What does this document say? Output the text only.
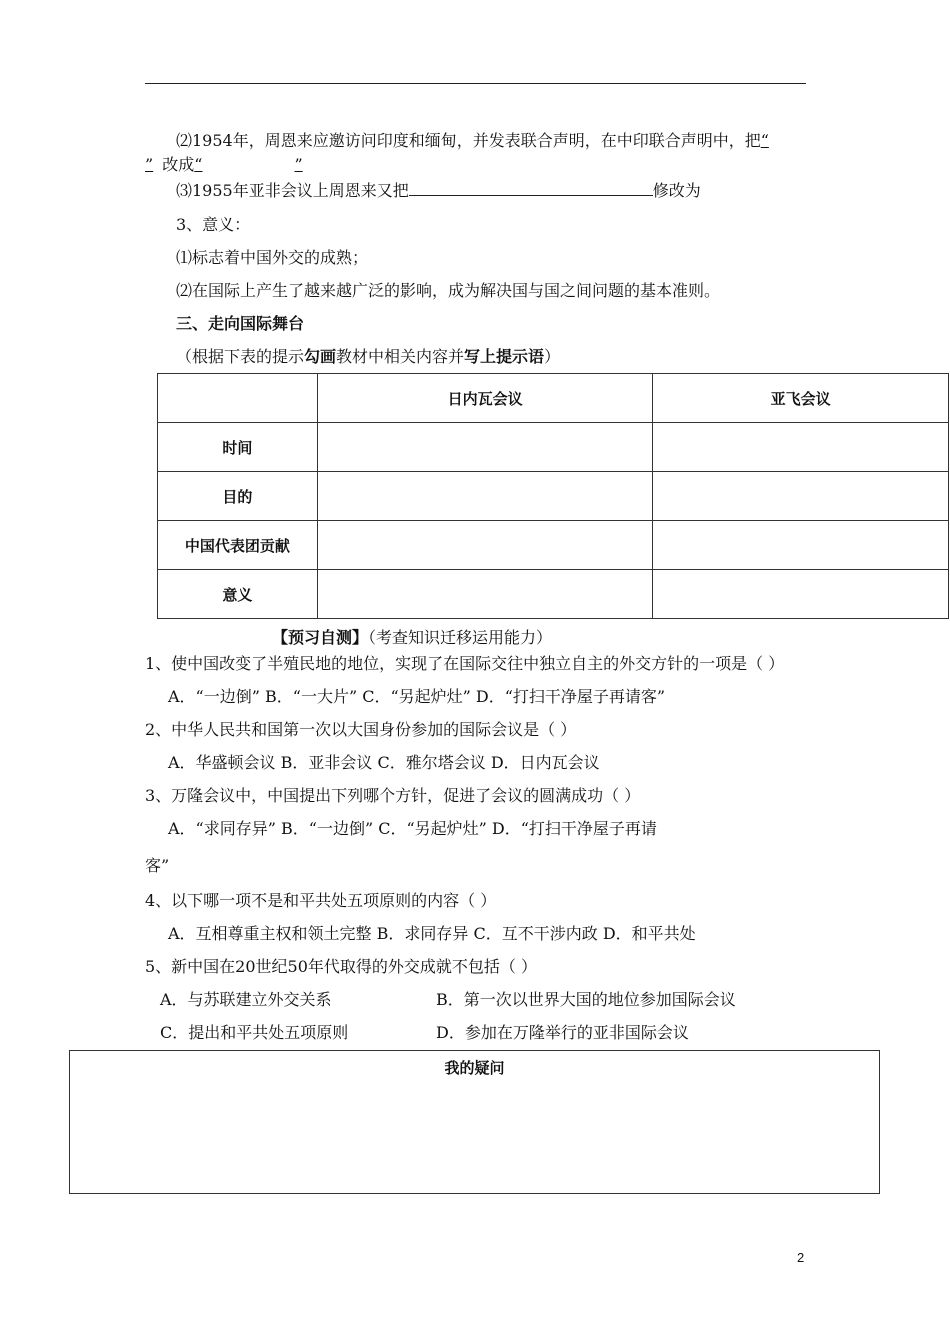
⑵1954年，周恩来应邀访问印度和缅甸，并发表联合声明，在中印联合声明中，把“
” 改成“	”
⑶1955年亚非会议上周恩来又把	修改为
3、意义：
⑴标志着中国外交的成熟；
⑵在国际上产生了越来越广泛的影响，成为解决国与国之间问题的基本准则。
三、走向国际舞台
（根据下表的提示勾画教材中相关内容并写上提示语）
	日内瓦会议	亚飞会议
时间		
目的		
中国代表团贡献		
意义		
【预习自测】（考查知识迁移运用能力）
1、使中国改变了半殖民地的地位，实现了在国际交往中独立自主的外交方针的一项是（ ）
A．“一边倒” B．“一大片” C．“另起炉灶” D．“打扫干净屋子再请客”
2、中华人民共和国第一次以大国身份参加的国际会议是（ ）
A．华盛顿会议 B．亚非会议 C．雅尔塔会议 D．日内瓦会议
3、万隆会议中，中国提出下列哪个方针，促进了会议的圆满成功（ ）
A．“求同存异” B．“一边倒” C．“另起炉灶” D．“打扫干净屋子再请
客”
4、以下哪一项不是和平共处五项原则的内容（ ）
A．互相尊重主权和领土完整 B．求同存异 C．互不干涉内政 D．和平共处
5、新中国在20世纪50年代取得的外交成就不包括（ ）
A．与苏联建立外交关系	B．第一次以世界大国的地位参加国际会议
C．提出和平共处五项原则	D．参加在万隆举行的亚非国际会议
我的疑问
2
